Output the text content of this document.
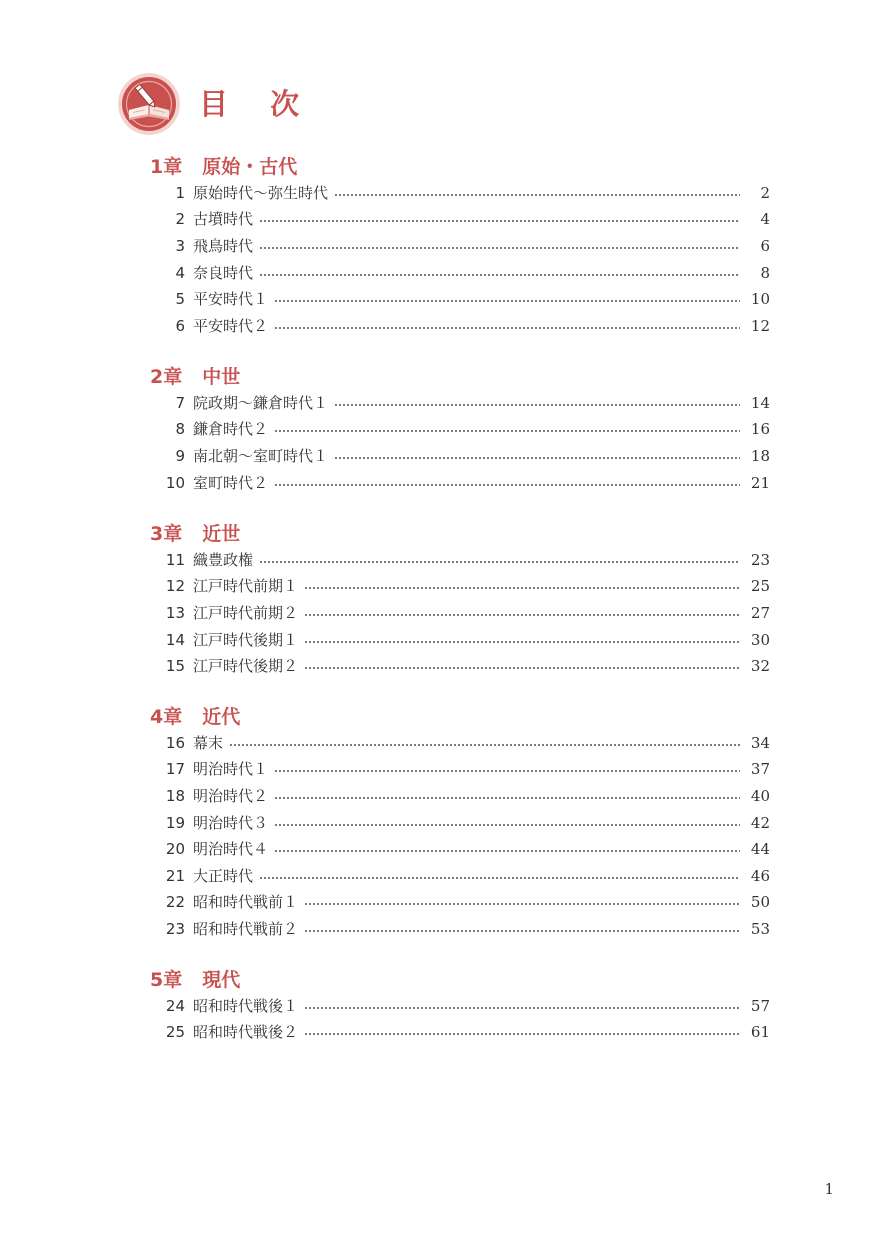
目 次
1章 原始・古代
1 原始時代〜弥生時代	2
2 古墳時代	4
3 飛鳥時代	6
4 奈良時代	8
5 平安時代１	10
6 平安時代２	12
2章 中世
7 院政期〜鎌倉時代１	14
8 鎌倉時代２	16
9 南北朝〜室町時代１	18
10 室町時代２	21
3章 近世
11 織豊政権	23
12 江戸時代前期１	25
13 江戸時代前期２	27
14 江戸時代後期１	30
15 江戸時代後期２	32
4章 近代
16 幕末	34
17 明治時代１	37
18 明治時代２	40
19 明治時代３	42
20 明治時代４	44
21 大正時代	46
22 昭和時代戦前１	50
23 昭和時代戦前２	53
5章 現代
24 昭和時代戦後１	57
25 昭和時代戦後２	61
1
